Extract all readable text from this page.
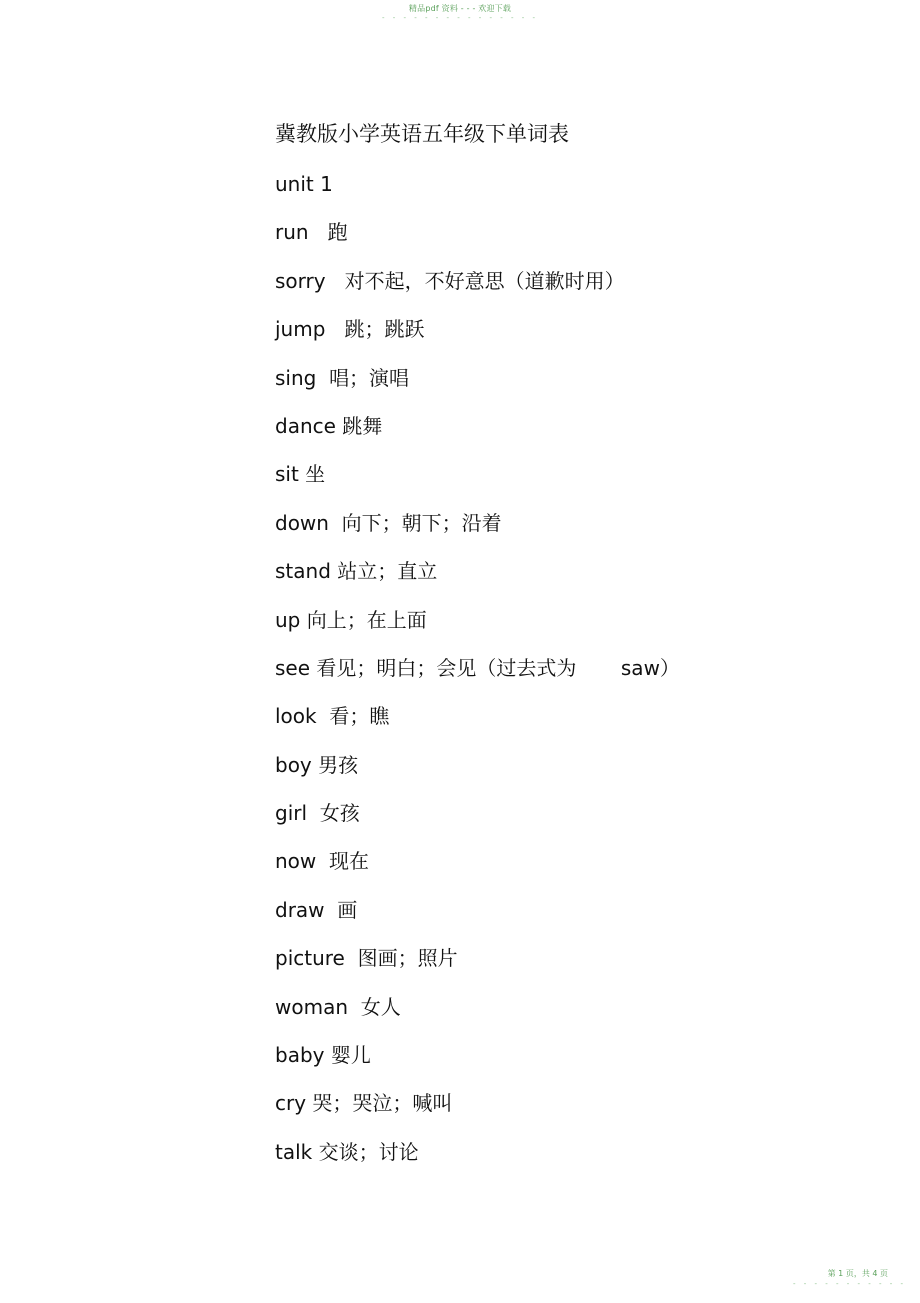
精品pdf 资料 - - - 欢迎下载
- - - - - - - - - - - - - - -
冀教版小学英语五年级下单词表
unit 1
run   跑
sorry   对不起，不好意思（道歉时用）
jump   跳；跳跃
sing  唱；演唱
dance 跳舞
sit 坐
down  向下；朝下；沿着
stand 站立；直立
up 向上；在上面
see 看见；明白；会见（过去式为       saw）
look  看；瞧
boy 男孩
girl  女孩
now  现在
draw  画
picture  图画；照片
woman  女人
baby 婴儿
cry 哭；哭泣；喊叫
talk 交谈；讨论
第 1 页，共 4 页
- - - - - - - - - - -
